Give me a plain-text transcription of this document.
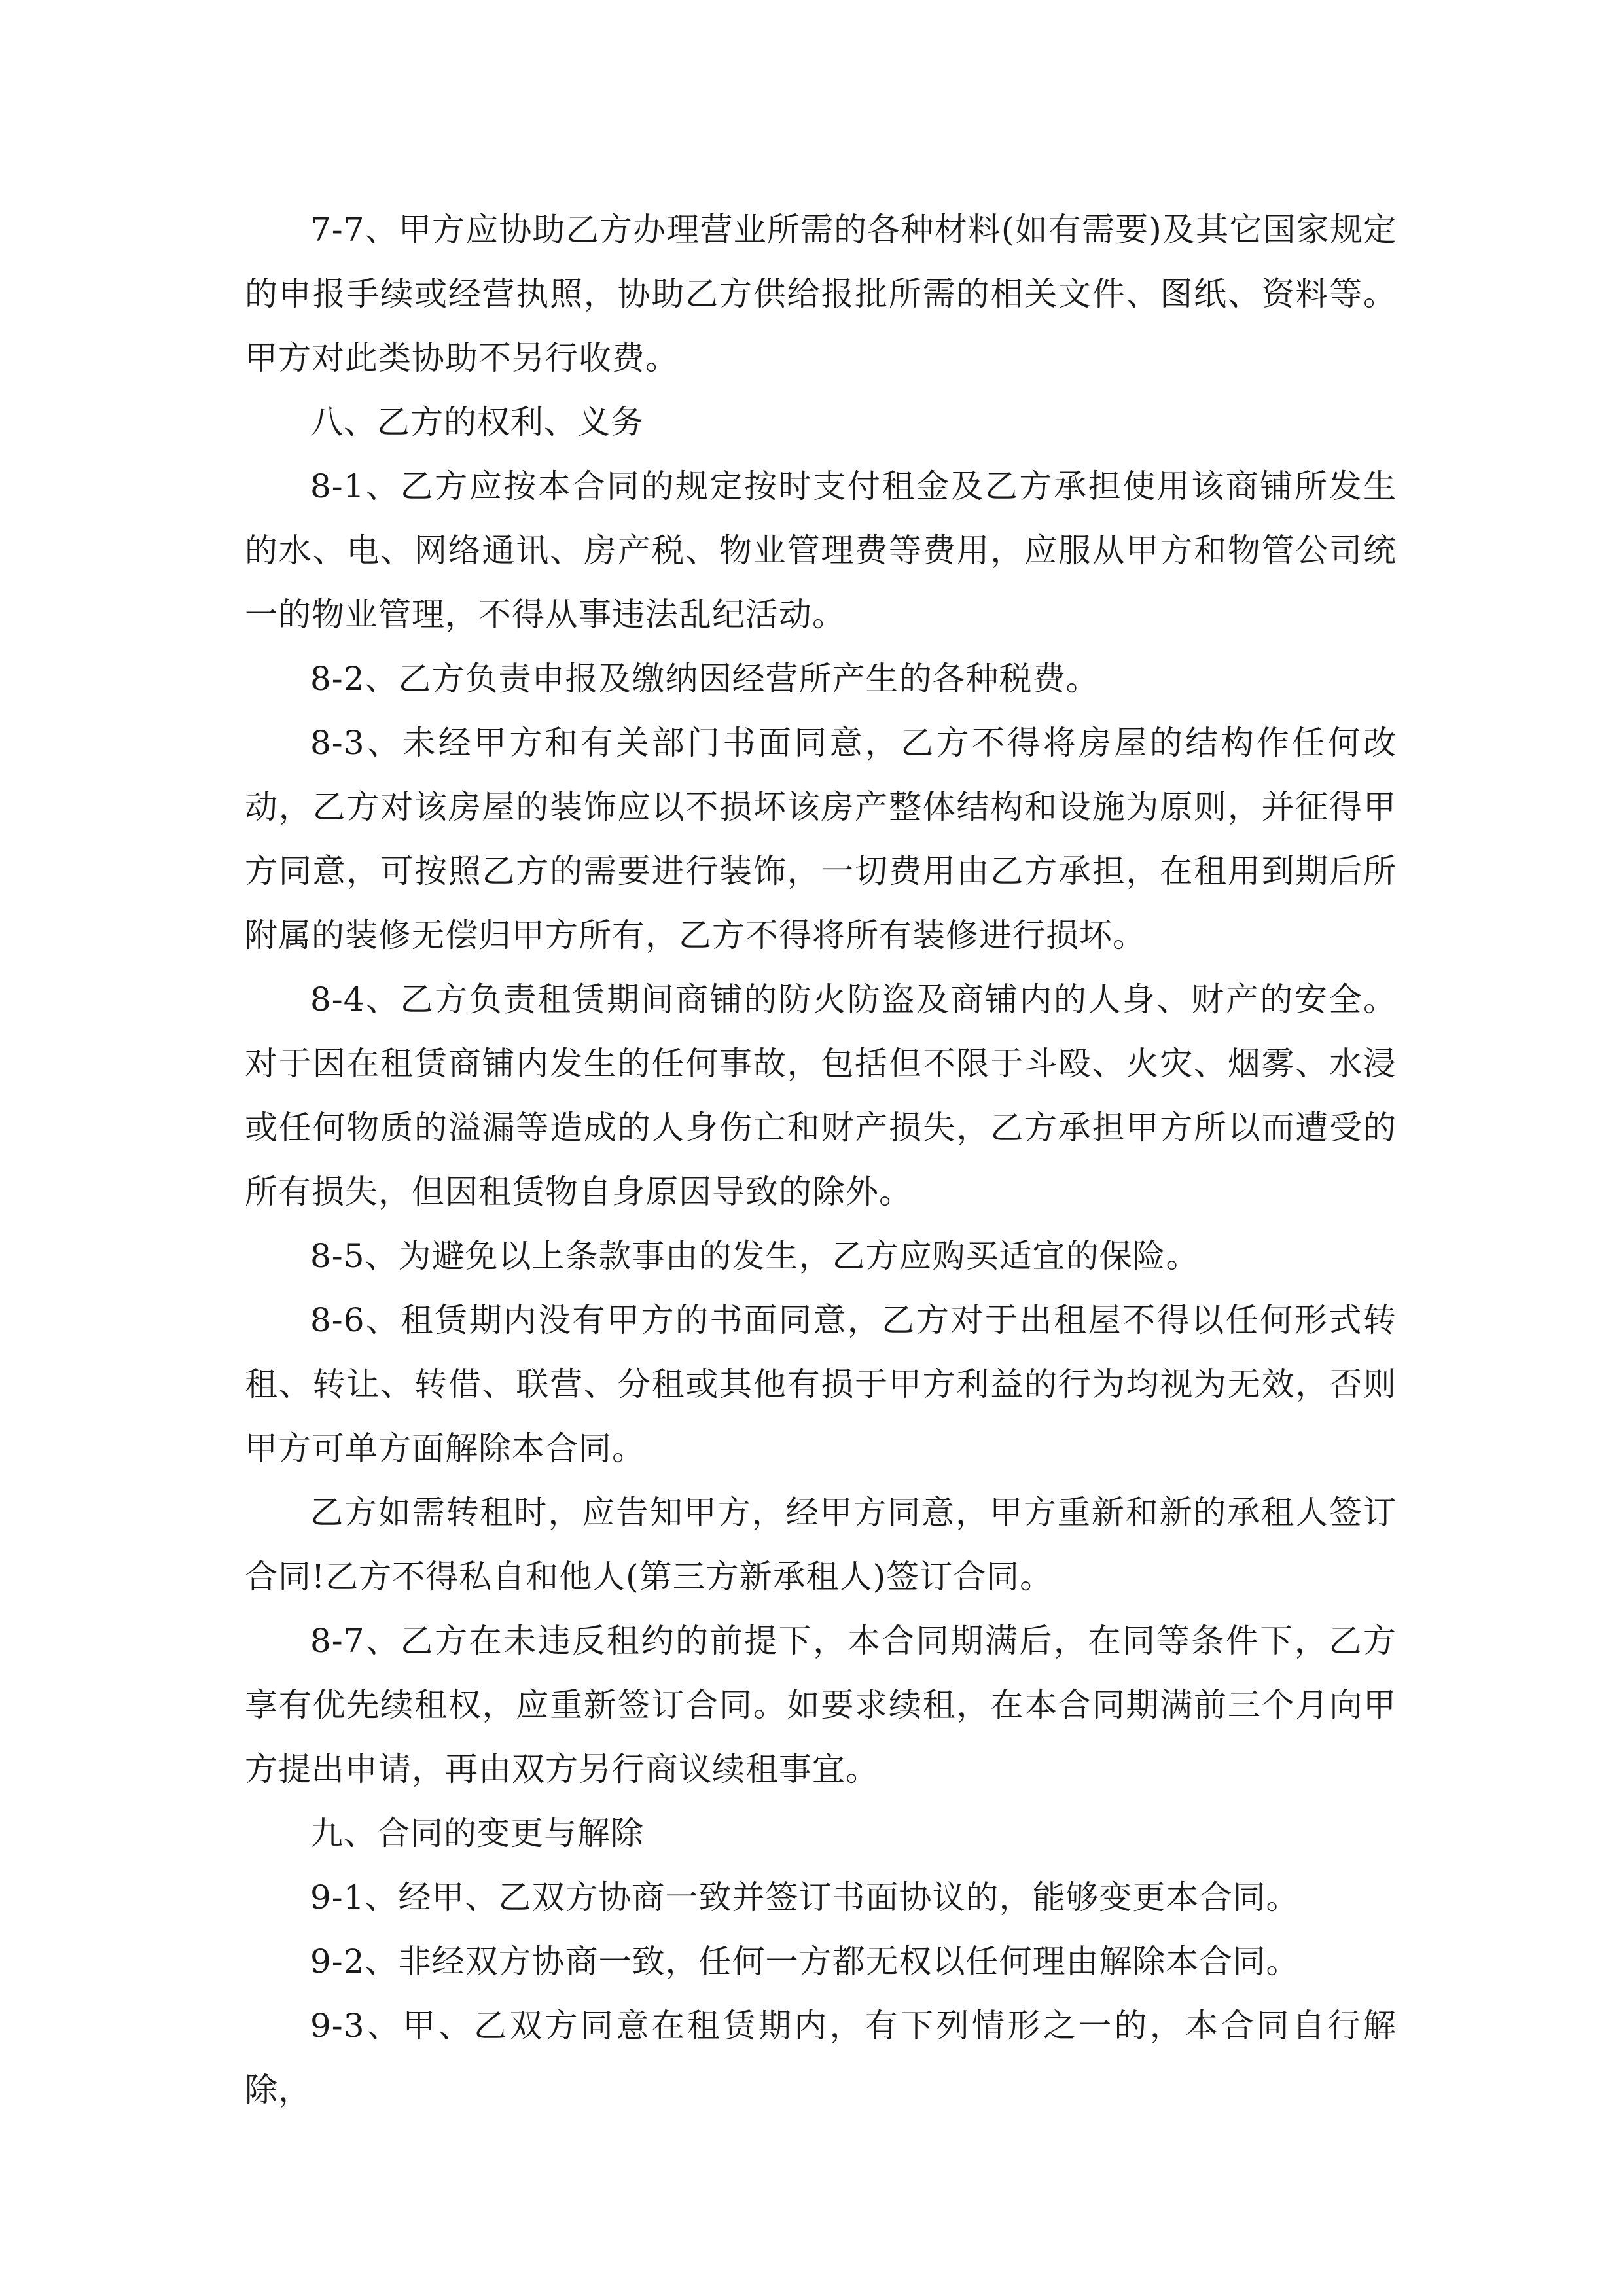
7-7、甲方应协助乙方办理营业所需的各种材料(如有需要)及其它国家规定的申报手续或经营执照，协助乙方供给报批所需的相关文件、图纸、资料等。甲方对此类协助不另行收费。

八、乙方的权利、义务

8-1、乙方应按本合同的规定按时支付租金及乙方承担使用该商铺所发生的水、电、网络通讯、房产税、物业管理费等费用，应服从甲方和物管公司统一的物业管理，不得从事违法乱纪活动。

8-2、乙方负责申报及缴纳因经营所产生的各种税费。

8-3、未经甲方和有关部门书面同意，乙方不得将房屋的结构作任何改动，乙方对该房屋的装饰应以不损坏该房产整体结构和设施为原则，并征得甲方同意，可按照乙方的需要进行装饰，一切费用由乙方承担，在租用到期后所附属的装修无偿归甲方所有，乙方不得将所有装修进行损坏。

8-4、乙方负责租赁期间商铺的防火防盗及商铺内的人身、财产的安全。对于因在租赁商铺内发生的任何事故，包括但不限于斗殴、火灾、烟雾、水浸或任何物质的溢漏等造成的人身伤亡和财产损失，乙方承担甲方所以而遭受的所有损失，但因租赁物自身原因导致的除外。

8-5、为避免以上条款事由的发生，乙方应购买适宜的保险。

8-6、租赁期内没有甲方的书面同意，乙方对于出租屋不得以任何形式转租、转让、转借、联营、分租或其他有损于甲方利益的行为均视为无效，否则甲方可单方面解除本合同。

乙方如需转租时，应告知甲方，经甲方同意，甲方重新和新的承租人签订合同!乙方不得私自和他人(第三方新承租人)签订合同。

8-7、乙方在未违反租约的前提下，本合同期满后，在同等条件下，乙方享有优先续租权，应重新签订合同。如要求续租，在本合同期满前三个月向甲方提出申请，再由双方另行商议续租事宜。

九、合同的变更与解除

9-1、经甲、乙双方协商一致并签订书面协议的，能够变更本合同。

9-2、非经双方协商一致，任何一方都无权以任何理由解除本合同。

9-3、甲、乙双方同意在租赁期内，有下列情形之一的，本合同自行解除，
